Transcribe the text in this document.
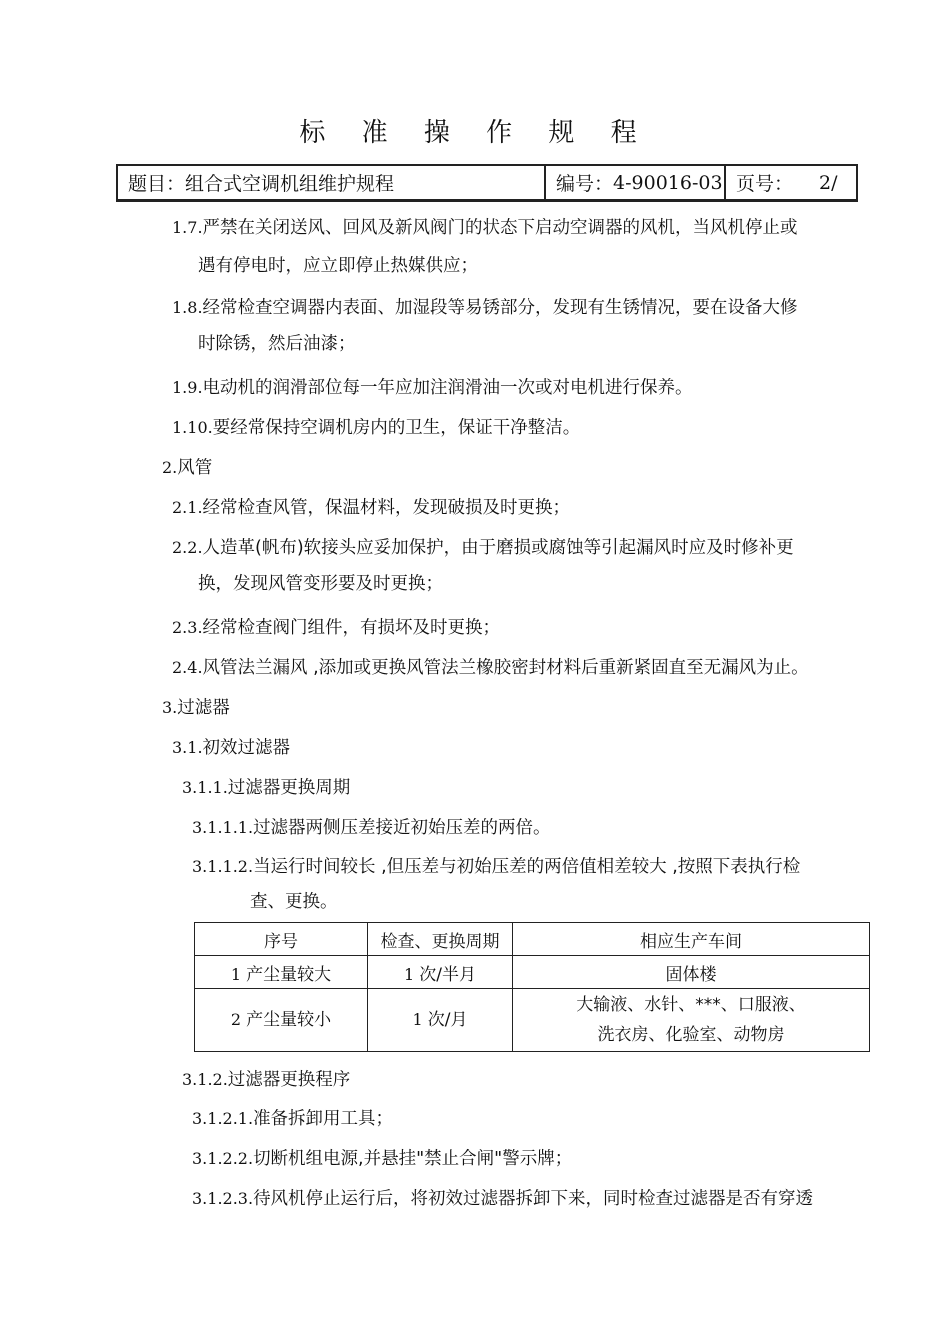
标 准 操 作 规 程
题目： 组合式空调机组维护规程	编号： 4-90016-03 页号： 2/
1.7.严禁在关闭送风、回风及新风阀门的状态下启动空调器的风机，当风机停止或
遇有停电时，应立即停止热媒供应；
1.8.经常检查空调器内表面、加湿段等易锈部分，发现有生锈情况，要在设备大修
时除锈，然后油漆；
1.9.电动机的润滑部位每一年应加注润滑油一次或对电机进行保养。
1.10.要经常保持空调机房内的卫生，保证干净整洁。
2.风管
2.1.经常检查风管，保温材料，发现破损及时更换；
2.2.人造革(帆布)软接头应妥加保护，由于磨损或腐蚀等引起漏风时应及时修补更
换，发现风管变形要及时更换；
2.3.经常检查阀门组件，有损坏及时更换；
2.4.风管法兰漏风 ,添加或更换风管法兰橡胶密封材料后重新紧固直至无漏风为止。
3.过滤器
3.1.初效过滤器
3.1.1.过滤器更换周期
3.1.1.1.过滤器两侧压差接近初始压差的两倍。
3.1.1.2.当运行时间较长 ,但压差与初始压差的两倍值相差较大 ,按照下表执行检
查、更换。
序号	检查、更换周期	相应生产车间
1 产尘量较大	1 次/半月	固体楼
2 产尘量较小	1 次/月	大输液、水针、***、口服液、
洗衣房、化验室、动物房
3.1.2.过滤器更换程序
3.1.2.1.准备拆卸用工具；
3.1.2.2.切断机组电源,并悬挂"禁止合闸"警示牌；
3.1.2.3.待风机停止运行后，将初效过滤器拆卸下来，同时检查过滤器是否有穿透
